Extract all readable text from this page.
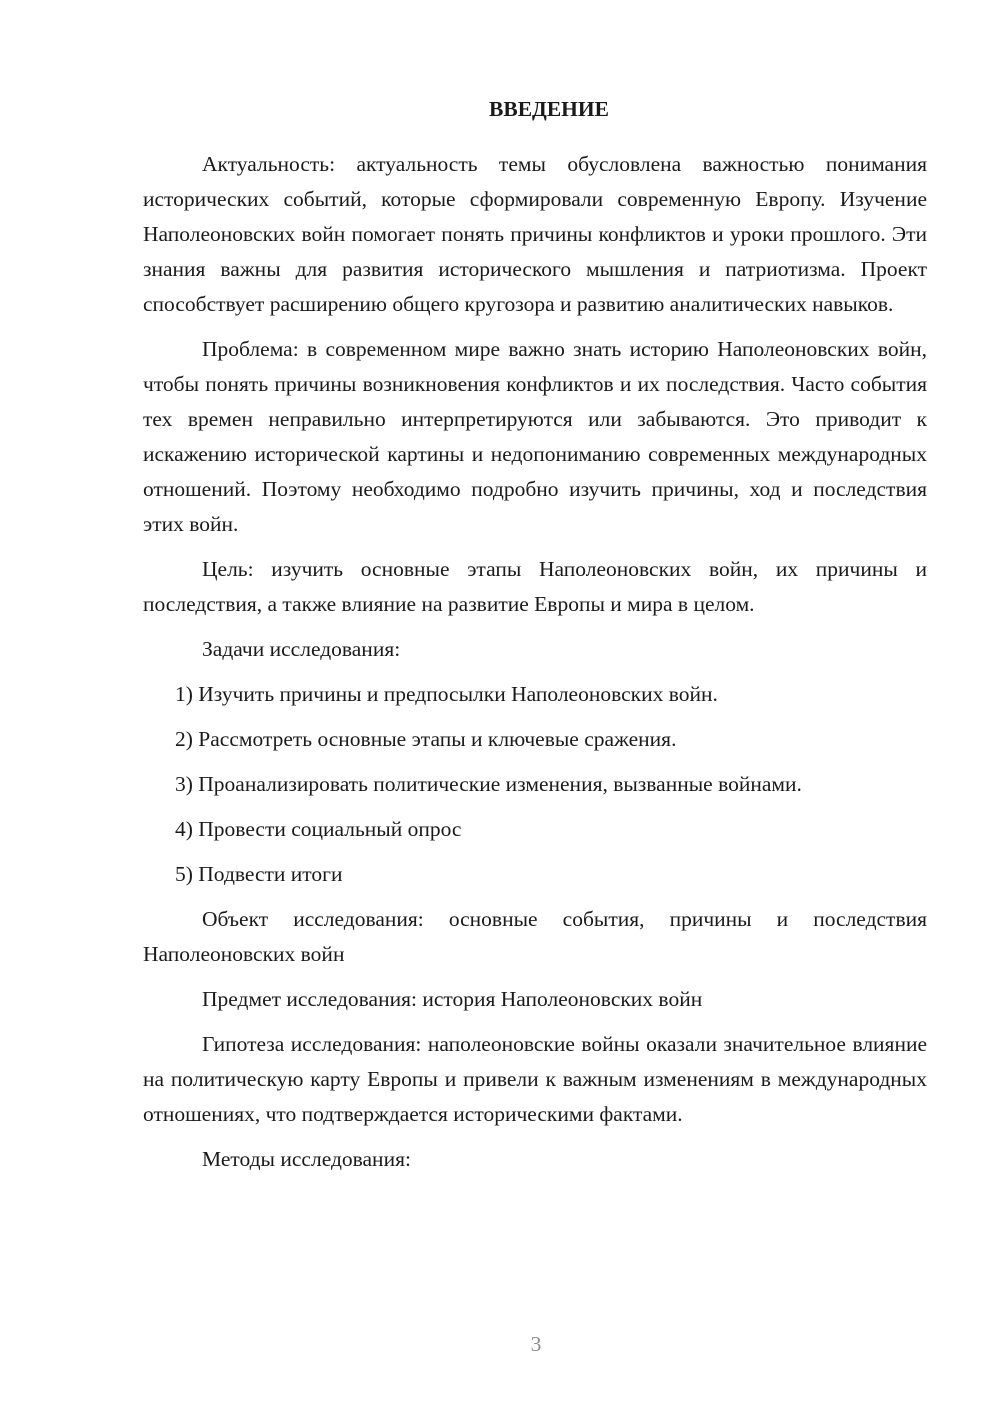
ВВЕДЕНИЕ

Актуальность: актуальность темы обусловлена важностью понимания исторических событий, которые сформировали современную Европу. Изучение Наполеоновских войн помогает понять причины конфликтов и уроки прошлого. Эти знания важны для развития исторического мышления и патриотизма. Проект способствует расширению общего кругозора и развитию аналитических навыков.

Проблема: в современном мире важно знать историю Наполеоновских войн, чтобы понять причины возникновения конфликтов и их последствия. Часто события тех времен неправильно интерпретируются или забываются. Это приводит к искажению исторической картины и недопониманию современных международных отношений. Поэтому необходимо подробно изучить причины, ход и последствия этих войн.

Цель: изучить основные этапы Наполеоновских войн, их причины и последствия, а также влияние на развитие Европы и мира в целом.

Задачи исследования:

1) Изучить причины и предпосылки Наполеоновских войн.
2) Рассмотреть основные этапы и ключевые сражения.
3) Проанализировать политические изменения, вызванные войнами.
4) Провести социальный опрос
5) Подвести итоги

Объект исследования: основные события, причины и последствия Наполеоновских войн

Предмет исследования: история Наполеоновских войн

Гипотеза исследования: наполеоновские войны оказали значительное влияние на политическую карту Европы и привели к важным изменениям в международных отношениях, что подтверждается историческими фактами.

Методы исследования:

3
